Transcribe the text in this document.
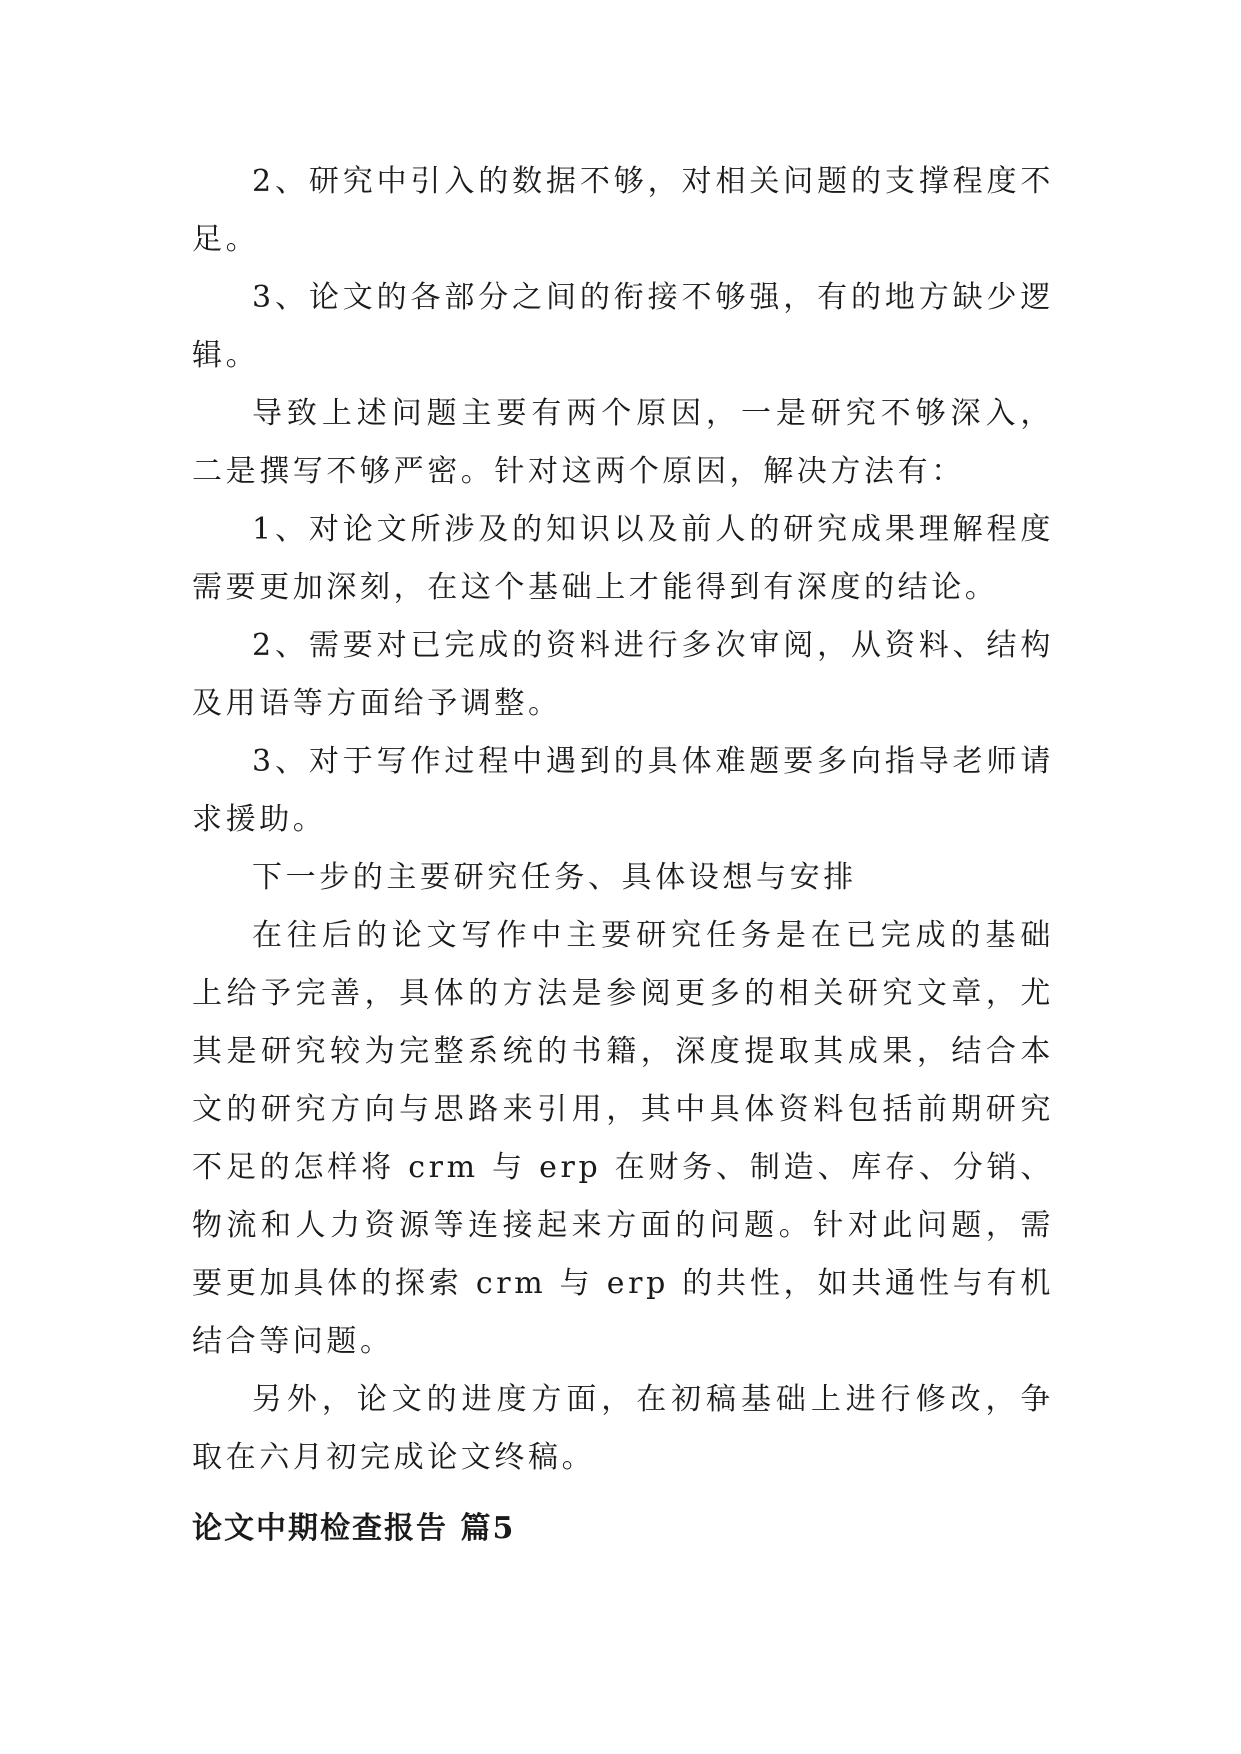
2、研究中引入的数据不够，对相关问题的支撑程度不足。

3、论文的各部分之间的衔接不够强，有的地方缺少逻辑。

导致上述问题主要有两个原因，一是研究不够深入，二是撰写不够严密。针对这两个原因，解决方法有：

1、对论文所涉及的知识以及前人的研究成果理解程度需要更加深刻，在这个基础上才能得到有深度的结论。

2、需要对已完成的资料进行多次审阅，从资料、结构及用语等方面给予调整。

3、对于写作过程中遇到的具体难题要多向指导老师请求援助。

下一步的主要研究任务、具体设想与安排

在往后的论文写作中主要研究任务是在已完成的基础上给予完善，具体的方法是参阅更多的相关研究文章，尤其是研究较为完整系统的书籍，深度提取其成果，结合本文的研究方向与思路来引用，其中具体资料包括前期研究不足的怎样将 crm 与 erp 在财务、制造、库存、分销、物流和人力资源等连接起来方面的问题。针对此问题，需要更加具体的探索 crm 与 erp 的共性，如共通性与有机结合等问题。

另外，论文的进度方面，在初稿基础上进行修改，争取在六月初完成论文终稿。

论文中期检查报告 篇5
